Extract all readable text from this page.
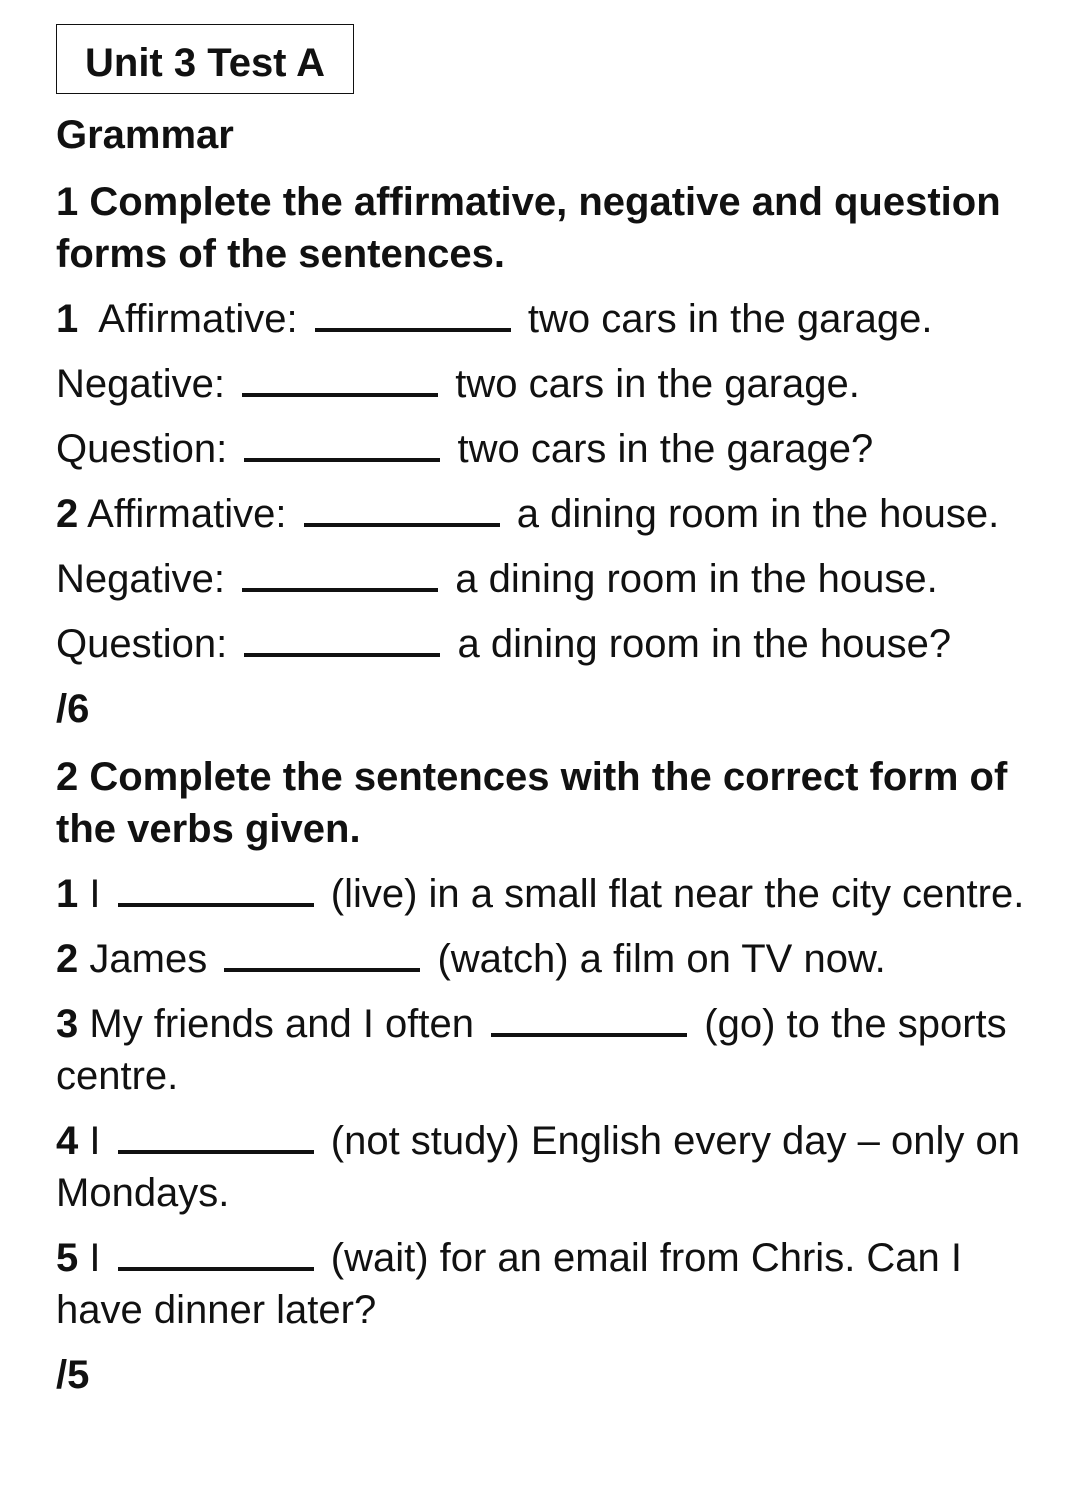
Unit 3 Test A
Grammar
1 Complete the affirmative, negative and question forms of the sentences.
1 Affirmative:	two cars in the garage.
Negative:	two cars in the garage.
Question:	two cars in the garage?
2 Affirmative:	a dining room in the house.
Negative:	a dining room in the house.
Question:	a dining room in the house?
/6
2 Complete the sentences with the correct form of the verbs given.
1 I	(live) in a small flat near the city centre.
2 James	(watch) a film on TV now.
3 My friends and I often	(go) to the sports centre.
4 I	(not study) English every day – only on Mondays.
5 I	(wait) for an email from Chris. Can I have dinner later?
/5
